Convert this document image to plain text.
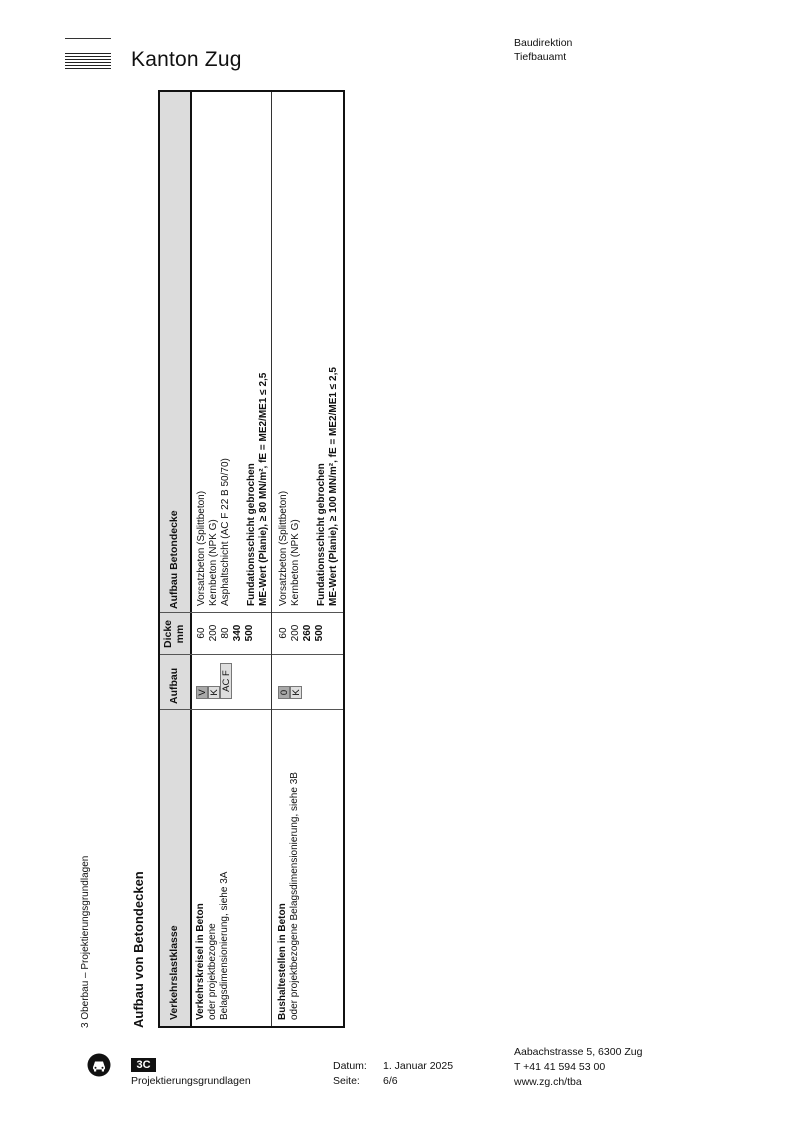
Kanton Zug
Baudirektion
Tiefbauamt
3 Oberbau – Projektierungsgrundlagen	Aufbau von Betondecken Verkehrslastklasse
Aufbau
Dicke mm
Aufbau Betondecke
Verkehrskreisel in Beton oder projektbezogene Belagsdimensionierung, siehe 3A
V K
AC F
60 200 80 340 500
Vorsatzbeton (Splittbeton) Kernbeton (NPK G) Asphaltschicht (AC F 22 B 50/70) Fundationsschicht gebrochen ME-Wert (Planie), ≥ 80 MN/m², fE = ME2/ME1 ≤ 2,5
Bushaltestellen in Beton oder projektbezogene Belagsdimensionierung, siehe 3B
0 K
60 200 260 500
Vorsatzbeton (Splittbeton) Kernbeton (NPK G) Fundationsschicht gebrochen ME-Wert (Planie), ≥ 100 MN/m², fE = ME2/ME1 ≤ 2,5
3C
Projektierungsgrundlagen
Datum: 1. Januar 2025
Seite: 6/6
Aabachstrasse 5, 6300 Zug
T +41 41 594 53 00
www.zg.ch/tba
